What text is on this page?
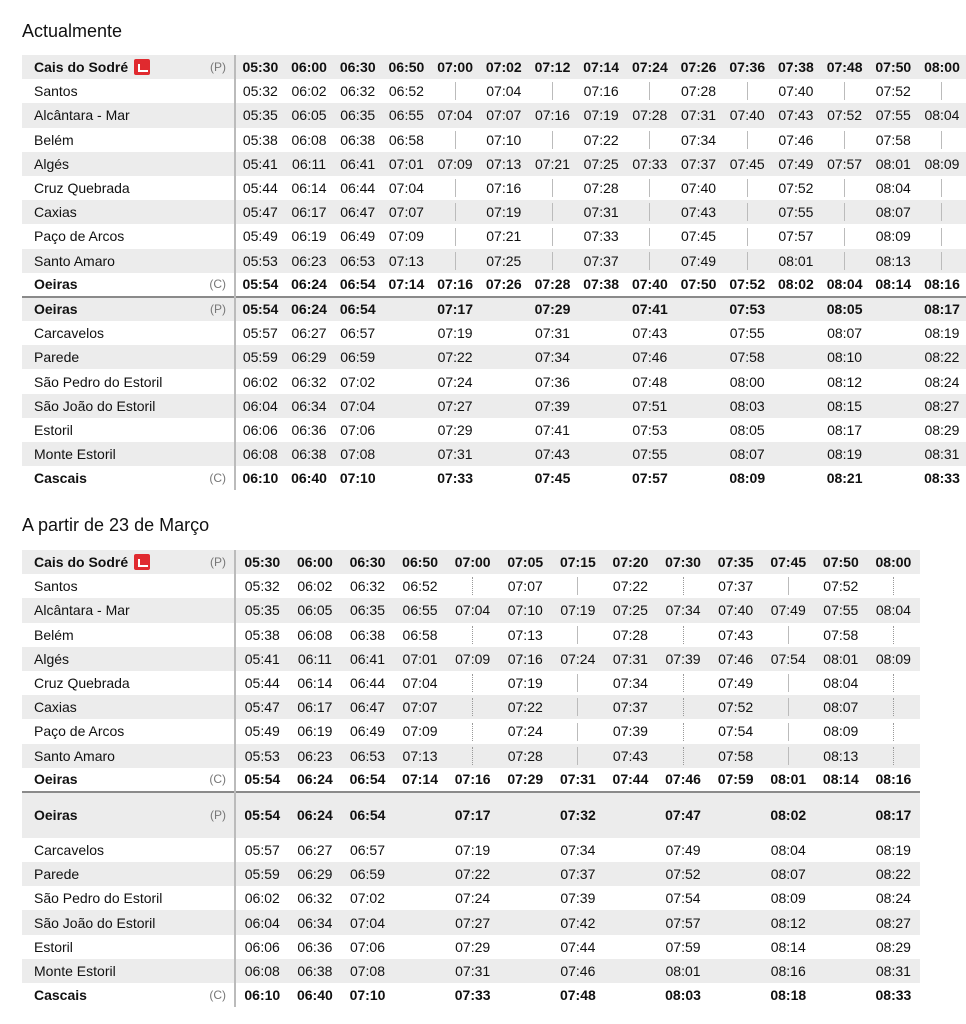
Actualmente
Cais do Sodré	(P)	05:30	06:00	06:30	06:50	07:00	07:02	07:12	07:14	07:24	07:26	07:36	07:38	07:48	07:50	08:00
Santos		05:32	06:02	06:32	06:52		07:04		07:16		07:28		07:40		07:52	
Alcântara - Mar		05:35	06:05	06:35	06:55	07:04	07:07	07:16	07:19	07:28	07:31	07:40	07:43	07:52	07:55	08:04
Belém		05:38	06:08	06:38	06:58		07:10		07:22		07:34		07:46		07:58	
Algés		05:41	06:11	06:41	07:01	07:09	07:13	07:21	07:25	07:33	07:37	07:45	07:49	07:57	08:01	08:09
Cruz Quebrada		05:44	06:14	06:44	07:04		07:16		07:28		07:40		07:52		08:04	
Caxias		05:47	06:17	06:47	07:07		07:19		07:31		07:43		07:55		08:07	
Paço de Arcos		05:49	06:19	06:49	07:09		07:21		07:33		07:45		07:57		08:09	
Santo Amaro		05:53	06:23	06:53	07:13		07:25		07:37		07:49		08:01		08:13	
Oeiras	(C)	05:54	06:24	06:54	07:14	07:16	07:26	07:28	07:38	07:40	07:50	07:52	08:02	08:04	08:14	08:16
Oeiras	(P)	05:54	06:24	06:54		07:17		07:29		07:41		07:53		08:05		08:17
Carcavelos		05:57	06:27	06:57		07:19		07:31		07:43		07:55		08:07		08:19
Parede		05:59	06:29	06:59		07:22		07:34		07:46		07:58		08:10		08:22
São Pedro do Estoril		06:02	06:32	07:02		07:24		07:36		07:48		08:00		08:12		08:24
São João do Estoril		06:04	06:34	07:04		07:27		07:39		07:51		08:03		08:15		08:27
Estoril		06:06	06:36	07:06		07:29		07:41		07:53		08:05		08:17		08:29
Monte Estoril		06:08	06:38	07:08		07:31		07:43		07:55		08:07		08:19		08:31
Cascais	(C)	06:10	06:40	07:10		07:33		07:45		07:57		08:09		08:21		08:33
A partir de 23 de Março
Cais do Sodré	(P)	05:30	06:00	06:30	06:50	07:00	07:05	07:15	07:20	07:30	07:35	07:45	07:50	08:00
Santos		05:32	06:02	06:32	06:52		07:07		07:22		07:37		07:52	
Alcântara - Mar		05:35	06:05	06:35	06:55	07:04	07:10	07:19	07:25	07:34	07:40	07:49	07:55	08:04
Belém		05:38	06:08	06:38	06:58		07:13		07:28		07:43		07:58	
Algés		05:41	06:11	06:41	07:01	07:09	07:16	07:24	07:31	07:39	07:46	07:54	08:01	08:09
Cruz Quebrada		05:44	06:14	06:44	07:04		07:19		07:34		07:49		08:04	
Caxias		05:47	06:17	06:47	07:07		07:22		07:37		07:52		08:07	
Paço de Arcos		05:49	06:19	06:49	07:09		07:24		07:39		07:54		08:09	
Santo Amaro		05:53	06:23	06:53	07:13		07:28		07:43		07:58		08:13	
Oeiras	(C)	05:54	06:24	06:54	07:14	07:16	07:29	07:31	07:44	07:46	07:59	08:01	08:14	08:16
Oeiras	(P)	05:54	06:24	06:54		07:17		07:32		07:47		08:02		08:17
Carcavelos		05:57	06:27	06:57		07:19		07:34		07:49		08:04		08:19
Parede		05:59	06:29	06:59		07:22		07:37		07:52		08:07		08:22
São Pedro do Estoril		06:02	06:32	07:02		07:24		07:39		07:54		08:09		08:24
São João do Estoril		06:04	06:34	07:04		07:27		07:42		07:57		08:12		08:27
Estoril		06:06	06:36	07:06		07:29		07:44		07:59		08:14		08:29
Monte Estoril		06:08	06:38	07:08		07:31		07:46		08:01		08:16		08:31
Cascais	(C)	06:10	06:40	07:10		07:33		07:48		08:03		08:18		08:33
